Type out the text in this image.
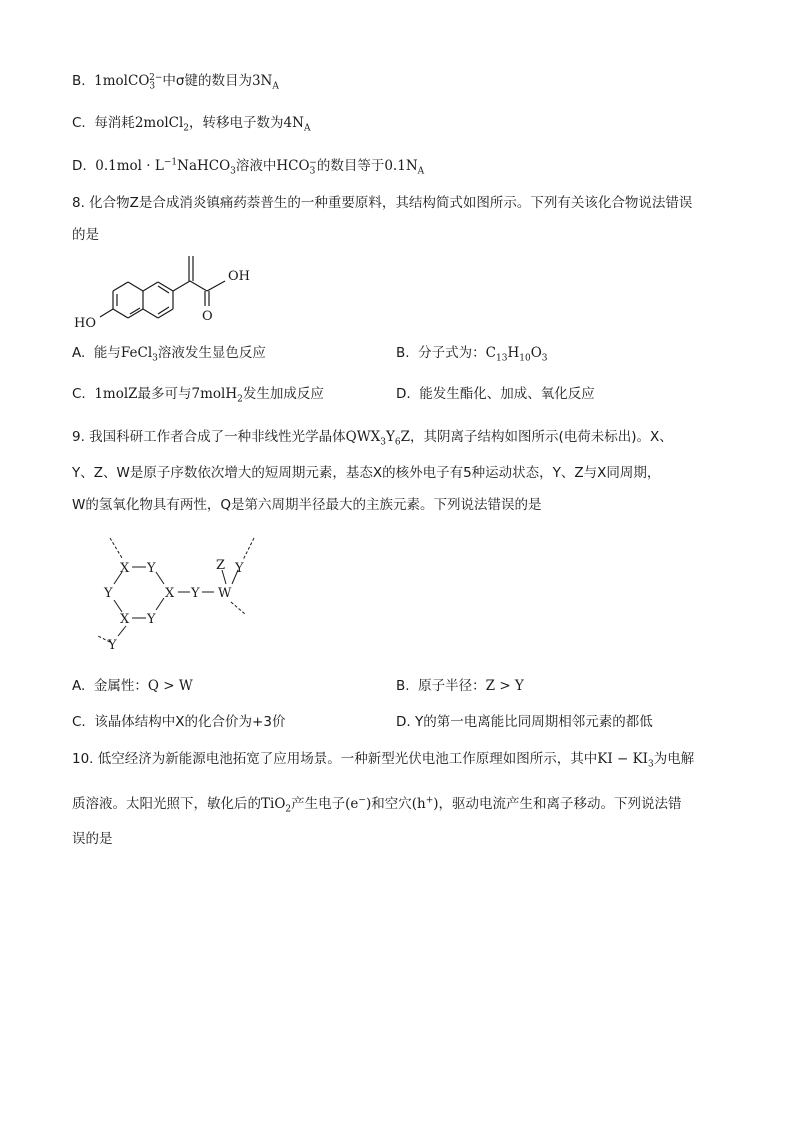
B. 1molCO$_3^{2-}$中σ键的数目为$3N_A$
C. 每消耗2molCl$_2$，转移电子数为$4N_A$
D. $0.1mol \cdot L^{-1}NaHCO_3$溶液中$HCO_3^-$的数目等于$0.1N_A$
8. 化合物Z是合成消炎镇痛药萘普生的一种重要原料，其结构简式如图所示。下列有关该化合物说法错误
的是
OH
HO	O
A. 能与FeCl$_3$溶液发生显色反应	B. 分子式为：$C_{13}H_{10}O_3$
C. 1molZ最多可与7molH$_2$发生加成反应	D. 能发生酯化、加成、氧化反应
9. 我国科研工作者合成了一种非线性光学晶体$QWX_3Y_6Z$，其阴离子结构如图所示(电荷未标出)。X、
Y、Z、W是原子序数依次增大的短周期元素，基态X的核外电子有5种运动状态，Y、Z与X同周期，
W的氢氧化物具有两性，Q是第六周期半径最大的主族元素。下列说法错误的是
X Y
Y	X Y W
X Y
Y
Z Y
A. 金属性：Q > W	B. 原子半径：Z > Y
C. 该晶体结构中X的化合价为+3价	D. Y的第一电离能比同周期相邻元素的都低
10. 低空经济为新能源电池拓宽了应用场景。一种新型光伏电池工作原理如图所示，其中KI − $KI_3$为电解
质溶液。太阳光照下，敏化后的TiO$_2$产生电子(e−)和空穴(h+)，驱动电流产生和离子移动。下列说法错
误的是
